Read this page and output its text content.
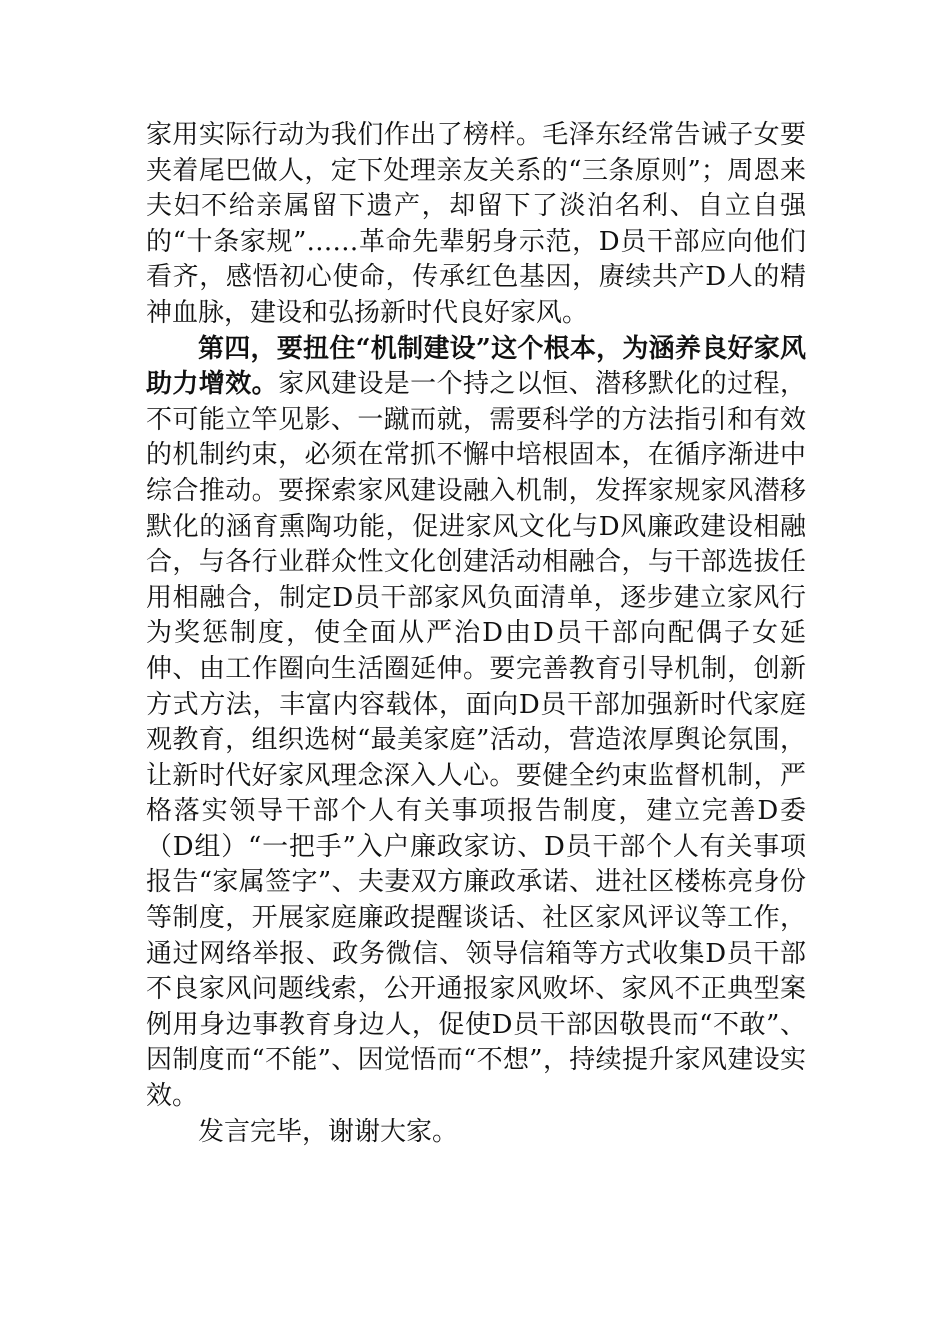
家用实际行动为我们作出了榜样。毛泽东经常告诫子女要夹着尾巴做人，定下处理亲友关系的“三条原则”；周恩来夫妇不给亲属留下遗产，却留下了淡泊名利、自立自强的“十条家规”……革命先辈躬身示范，D员干部应向他们看齐，感悟初心使命，传承红色基因，赓续共产D人的精神血脉，建设和弘扬新时代良好家风。

第四，要扭住“机制建设”这个根本，为涵养良好家风助力增效。家风建设是一个持之以恒、潜移默化的过程，不可能立竿见影、一蹴而就，需要科学的方法指引和有效的机制约束，必须在常抓不懈中培根固本，在循序渐进中综合推动。要探索家风建设融入机制，发挥家规家风潜移默化的涵育熏陶功能，促进家风文化与D风廉政建设相融合，与各行业群众性文化创建活动相融合，与干部选拔任用相融合，制定D员干部家风负面清单，逐步建立家风行为奖惩制度，使全面从严治D由D员干部向配偶子女延伸、由工作圈向生活圈延伸。要完善教育引导机制，创新方式方法，丰富内容载体，面向D员干部加强新时代家庭观教育，组织选树“最美家庭”活动，营造浓厚舆论氛围，让新时代好家风理念深入人心。要健全约束监督机制，严格落实领导干部个人有关事项报告制度，建立完善D委（D组）“一把手”入户廉政家访、D员干部个人有关事项报告“家属签字”、夫妻双方廉政承诺、进社区楼栋亮身份等制度，开展家庭廉政提醒谈话、社区家风评议等工作，通过网络举报、政务微信、领导信箱等方式收集D员干部不良家风问题线索，公开通报家风败坏、家风不正典型案例用身边事教育身边人，促使D员干部因敬畏而“不敢”、因制度而“不能”、因觉悟而“不想”，持续提升家风建设实效。

发言完毕，谢谢大家。
